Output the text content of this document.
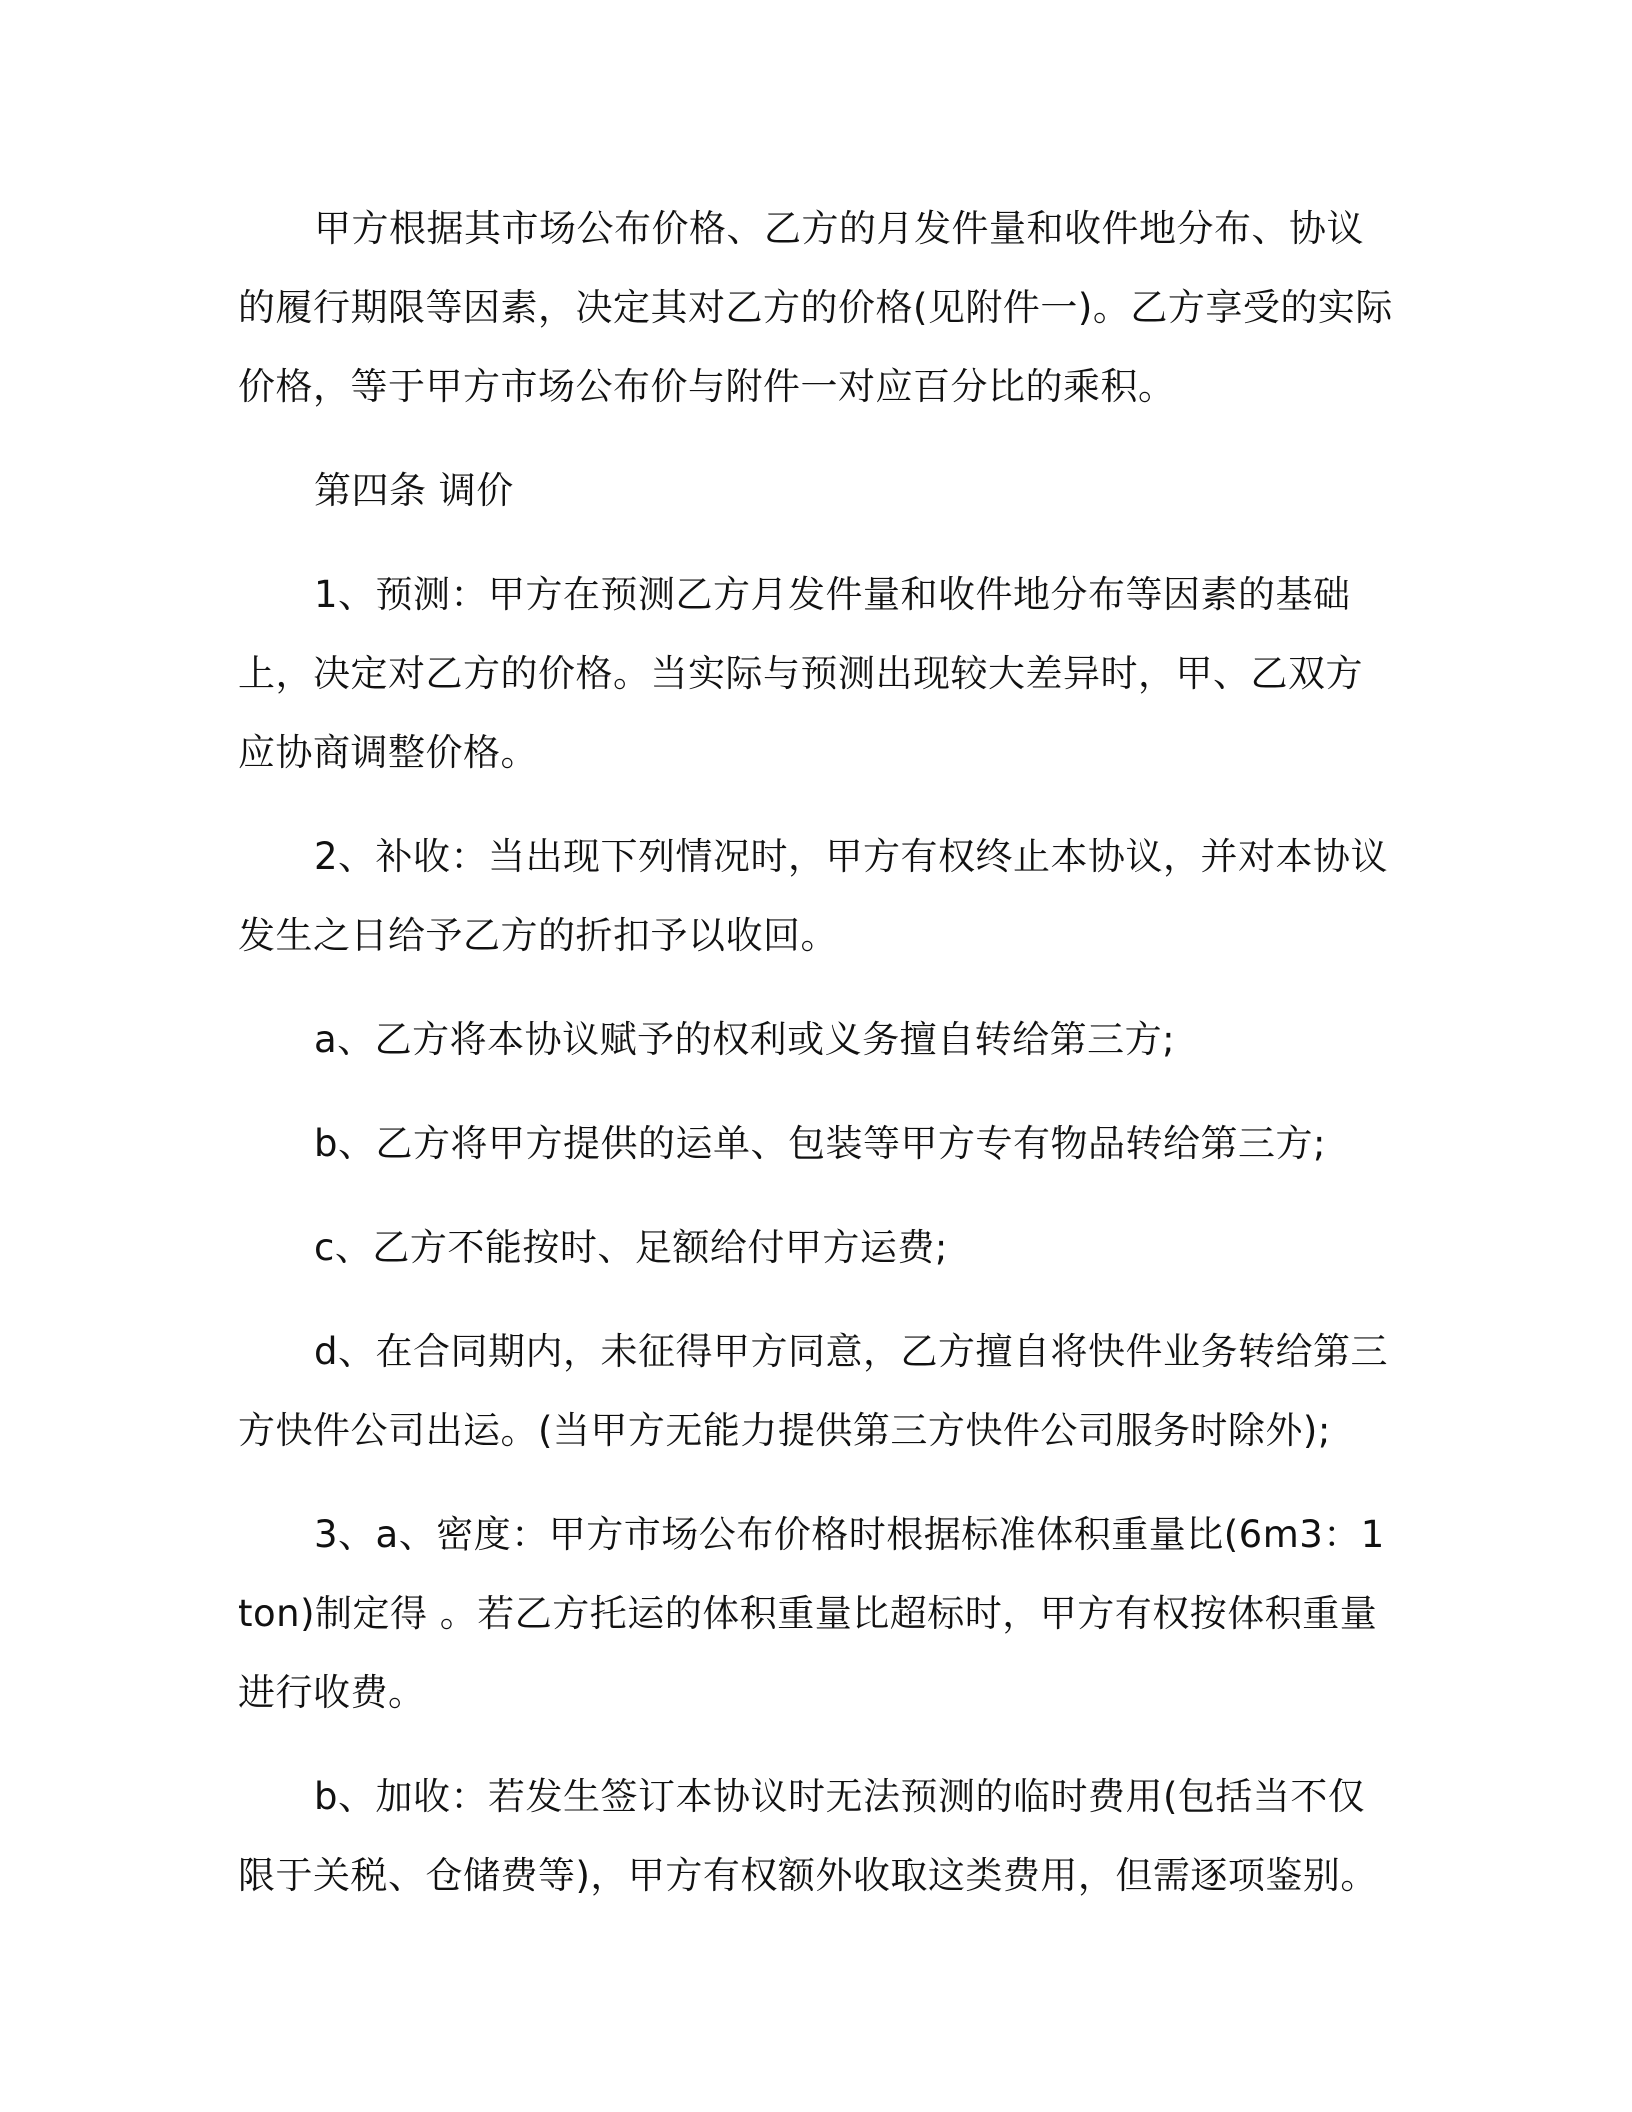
甲方根据其市场公布价格、乙方的月发件量和收件地分布、协议的履行期限等因素，决定其对乙方的价格(见附件一)。乙方享受的实际价格，等于甲方市场公布价与附件一对应百分比的乘积。

第四条 调价

1、预测：甲方在预测乙方月发件量和收件地分布等因素的基础上，决定对乙方的价格。当实际与预测出现较大差异时，甲、乙双方应协商调整价格。

2、补收：当出现下列情况时，甲方有权终止本协议，并对本协议发生之日给予乙方的折扣予以收回。

a、乙方将本协议赋予的权利或义务擅自转给第三方;

b、乙方将甲方提供的运单、包装等甲方专有物品转给第三方;

c、乙方不能按时、足额给付甲方运费;

d、在合同期内，未征得甲方同意，乙方擅自将快件业务转给第三方快件公司出运。(当甲方无能力提供第三方快件公司服务时除外);

3、a、密度：甲方市场公布价格时根据标准体积重量比(6m3：1ton)制定得 。若乙方托运的体积重量比超标时，甲方有权按体积重量进行收费。

b、加收：若发生签订本协议时无法预测的临时费用(包括当不仅限于关税、仓储费等)，甲方有权额外收取这类费用，但需逐项鉴别。
